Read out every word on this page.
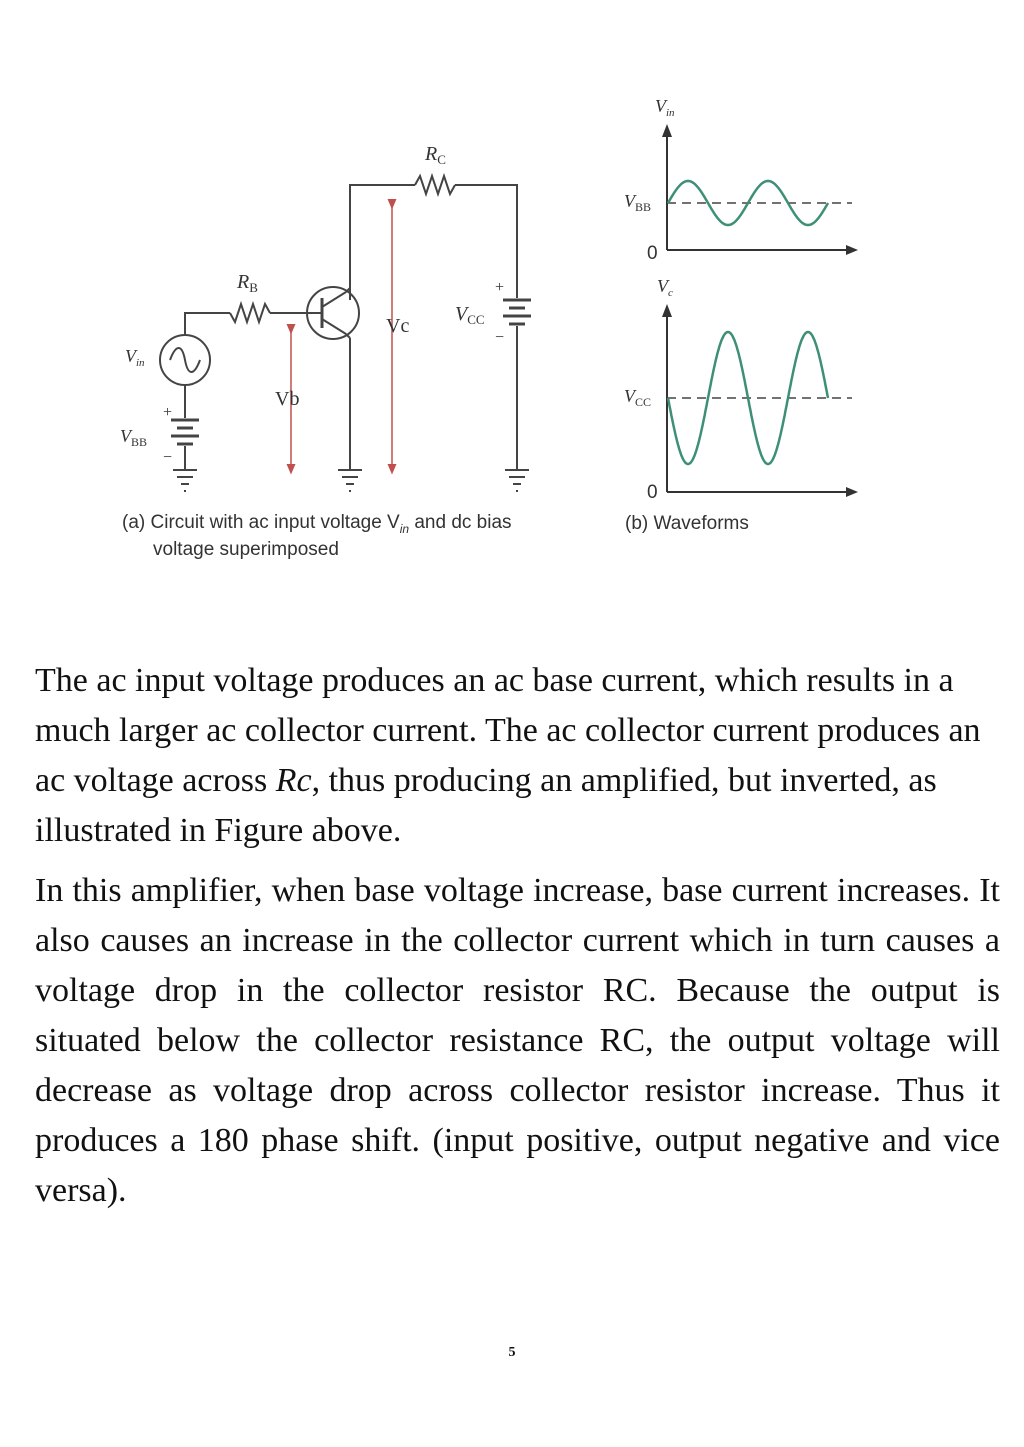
$R_C$
$R_B$
$V_{CC}$
+
−
$V_{in}$
+
$V_{BB}$
−
Vc
Vb
(a) Circuit with ac input voltage $V_{in}$ and dc bias
voltage superimposed
$V_{in}$
$V_{BB}$
0
$V_c$
$V_{CC}$
0
(b) Waveforms

The ac input voltage produces an ac base current, which results in a much larger ac collector current. The ac collector current produces an ac voltage across Rc, thus producing an amplified, but inverted, as illustrated in Figure above.

In this amplifier, when base voltage increase, base current increases. It also causes an increase in the collector current which in turn causes a voltage drop in the collector resistor RC. Because the output is situated below the collector resistance RC, the output voltage will decrease as voltage drop across collector resistor increase. Thus it produces a 180 phase shift. (input positive, output negative and vice versa).

5
